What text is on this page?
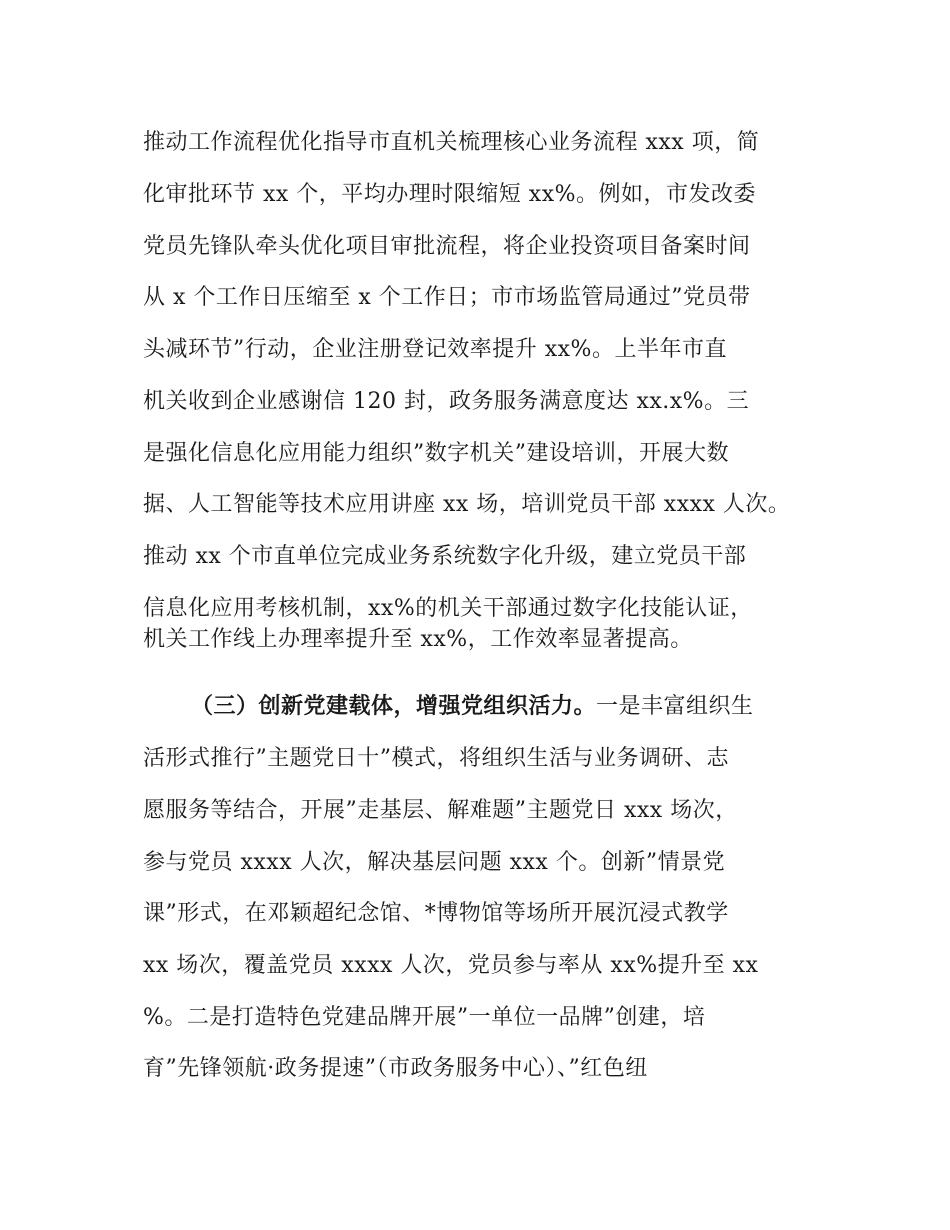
推动工作流程优化指导市直机关梳理核心业务流程 xxx 项，简
化审批环节 xx 个，平均办理时限缩短 xx%。例如，市发改委
党员先锋队牵头优化项目审批流程，将企业投资项目备案时间
从 x 个工作日压缩至 x 个工作日；市市场监管局通过”党员带
头减环节”行动，企业注册登记效率提升 xx%。上半年市直
机关收到企业感谢信 120 封，政务服务满意度达 xx.x%。三
是强化信息化应用能力组织”数字机关”建设培训，开展大数
据、人工智能等技术应用讲座 xx 场，培训党员干部 xxxx 人次。
推动 xx 个市直单位完成业务系统数字化升级，建立党员干部
信息化应用考核机制，xx%的机关干部通过数字化技能认证，
机关工作线上办理率提升至 xx%，工作效率显著提高。
（三）创新党建载体，增强党组织活力。一是丰富组织生
活形式推行”主题党日十”模式，将组织生活与业务调研、志
愿服务等结合，开展”走基层、解难题”主题党日 xxx 场次，
参与党员 xxxx 人次，解决基层问题 xxx 个。创新”情景党
课”形式，在邓颖超纪念馆、*博物馆等场所开展沉浸式教学
xx 场次，覆盖党员 xxxx 人次，党员参与率从 xx%提升至 xx
%。二是打造特色党建品牌开展”一单位一品牌”创建，培
育”先锋领航·政务提速”（市政务服务中心）、”红色纽
